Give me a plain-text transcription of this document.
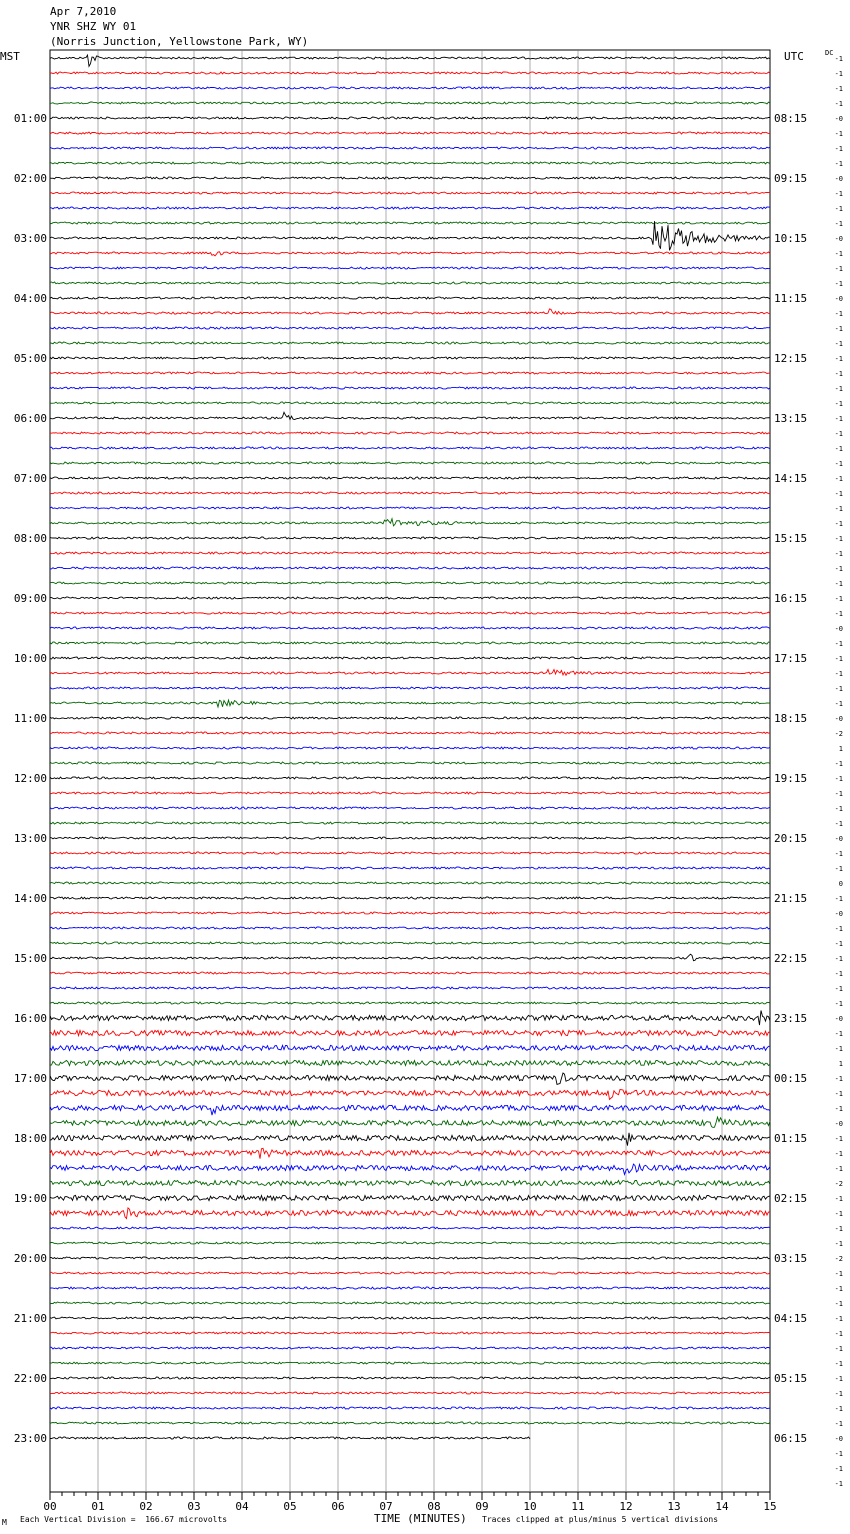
Apr 7,2010
YNR SHZ WY 01
(Norris Junction, Yellowstone Park, WY)
MST	UTC
00	01	02	03	04	05	06	07	08	09	10	11	12	13	14	15
01:00	08:15
02:00	09:15
03:00	10:15
04:00	11:15
05:00	12:15
06:00	13:15
07:00	14:15
08:00	15:15
09:00	16:15
10:00	17:15
11:00	18:15
12:00	19:15
13:00	20:15
14:00	21:15
15:00	22:15
16:00	23:15
17:00	00:15
18:00	01:15
19:00	02:15
20:00	03:15
21:00	04:15
22:00	05:15
23:00	06:15
DC
-1
-1
-1
-1
-0
-1
-1
-1
-0
-1
-1
-1
-0
-1
-1
-1
-0
-1
-1
-1
-1
-1
-1
-1
-1
-1
-1
-1
-1
-1
-1
-1
-1
-1
-1
-1
-1
-1
-0
-1
-1
-1
-1
-1
-0
-2
1
-1
-1
-1
-1
-1
-0
-1
-1
0
-1
-0
-1
-1
-1
-1
-1
-1
-0
-1
-1
1
-1
-1
-1
-0
-1
-1
-1
-2
-1
-1
-1
-1
-2
-1
-1
-1
-1
-1
-1
-1
-1
-1
-1
-1
-0
-1
-1
-1
M Each Vertical Division =  166.67 microvolts	TIME (MINUTES) Traces clipped at plus/minus 5 vertical divisions
